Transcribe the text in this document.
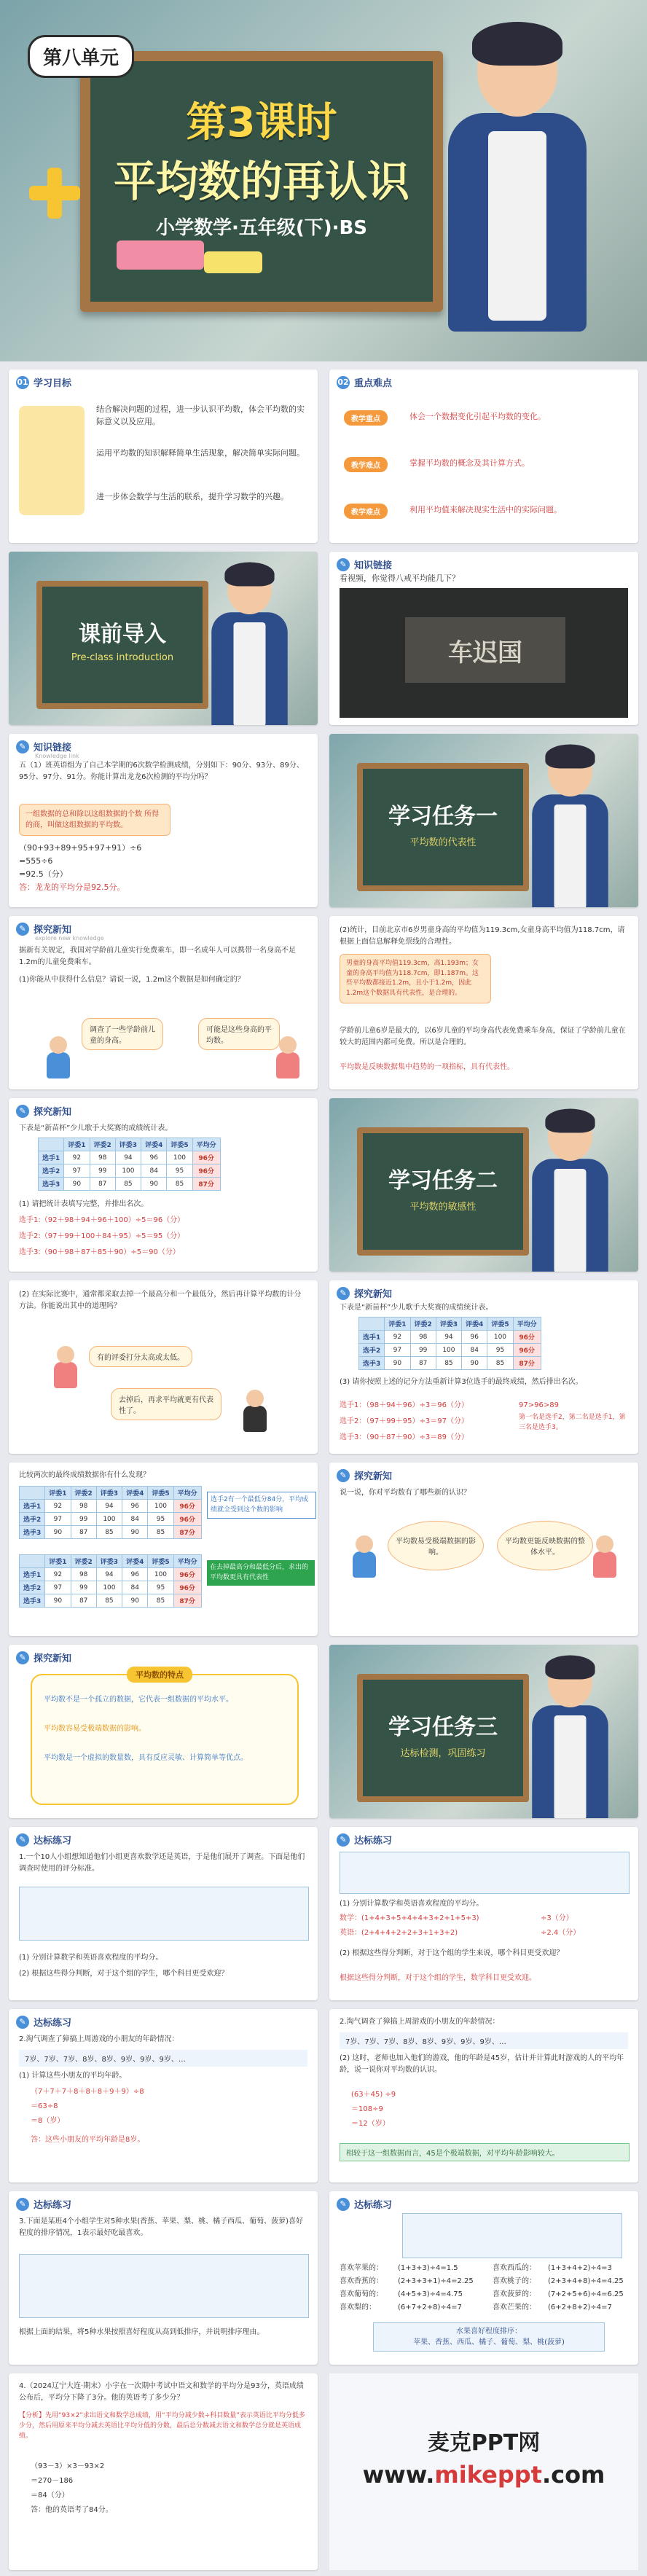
第3课时
平均数的再认识
小学数学·五年级(下)·BS
第八单元
01 学习目标
结合解决问题的过程，进一步认识平均数，体会平均数的实际意义以及应用。
运用平均数的知识解释简单生活现象，解决简单实际问题。
进一步体会数学与生活的联系，提升学习数学的兴趣。
02 重点难点
教学重点	体会一个数据变化引起平均数的变化。
教学难点	掌握平均数的概念及其计算方式。
教学难点	利用平均值来解决现实生活中的实际问题。
课前导入
Pre-class introduction
✎ 知识链接
看视频，你觉得八戒平均能几下？
车迟国
✎ 知识链接
Knowledge link
五（1）班英语组为了自己本学期的6次数学检测成绩，分别如下：90分、93分、89分、95分、97分、91分。你能计算出龙龙6次检测的平均分吗？
一组数据的总和除以这组数据的个数 所得的商，叫做这组数据的平均数。
（90+93+89+95+97+91）÷6
=555÷6
=92.5（分）
答：龙龙的平均分是92.5分。
学习任务一
平均数的代表性
✎ 探究新知
explore new knowledge
据新有关规定，我国对学龄前儿童实行免费乘车，即一名成年人可以携带一名身高不足1.2m的儿童免费乘车。
(1)你能从中获得什么信息？请说一说，1.2m这个数据是如何确定的？
调查了一些学龄前儿童的身高。
可能是这些身高的平均数。
(2)统计，目前北京市6岁男童身高的平均值为119.3cm,女童身高平均值为118.7cm，请根据上面信息解释免票线的合理性。
男童的身高平均值119.3cm，高1.193m；女童的身高平均值为118.7cm，即1.187m。这些平均数都接近1.2m，且小于1.2m，因此1.2m这个数据具有代表性，是合理的。
学龄前儿童6岁是最大的，以6岁儿童的平均身高代表免费乘车身高，保证了学龄前儿童在较大的范围内都可免费。所以是合理的。
平均数是反映数据集中趋势的一项指标，具有代表性。
✎ 探究新知
下表是“新苗杯”少儿歌手大奖赛的成绩统计表。
	评委1	评委2	评委3	评委4	评委5	平均分
选手1	92	98	94	96	100	96分
选手2	97	99	100	84	95	96分
选手3	90	87	85	90	85	87分
(1) 请把统计表填写完整，并排出名次。
选手1:（92＋98＋94＋96＋100）÷5＝96（分）
选手2:（97＋99＋100＋84＋95）÷5＝95（分）
选手3:（90＋98＋87＋85＋90）÷5＝90（分）
学习任务二
平均数的敏感性
(2) 在实际比赛中，通常都采取去掉一个最高分和一个最低分，然后再计算平均数的计分方法。你能说出其中的道理吗？
有的评委打分太高或太低。
去掉后，再求平均就更有代表性了。
✎ 探究新知
下表是“新苗杯”少儿歌手大奖赛的成绩统计表。
	评委1	评委2	评委3	评委4	评委5	平均分
选手1	92	98	94	96	100	96分
选手2	97	99	100	84	95	96分
选手3	90	87	85	90	85	87分
(3) 请你按照上述的记分方法重新计算3位选手的最终成绩，然后排出名次。
选手1：（98＋94＋96）÷3＝96（分）	97>96>89
选手2：（97＋99＋95）÷3＝97（分）	第一名是选手2，第二名是选手1，第三名是选手3。
选手3：（90＋87＋90）÷3＝89（分）
比较两次的最终成绩数据你有什么发现？
	评委1	评委2	评委3	评委4	评委5	平均分
选手1	92	98	94	96	100	96分
选手2	97	99	100	84	95	96分
选手3	90	87	85	90	85	87分
	评委1	评委2	评委3	评委4	评委5	平均分
选手1	92	98	94	96	100	96分
选手2	97	99	100	84	95	96分
选手3	90	87	85	90	85	87分
选手2有一个最低分84分，平均成绩就全受到这个数的影响
在去掉最高分和最低分后，求出的平均数更具有代表性
✎ 探究新知
说一说，你对平均数有了哪些新的认识？
平均数易受极端数据的影响。
平均数更能反映数据的整体水平。
✎ 探究新知
平均数的特点
平均数不是一个孤立的数据，它代表一组数据的平均水平。
平均数容易受极端数据的影响。
平均数是一个虚拟的数量数，具有反应灵敏、计算简单等优点。
学习任务三
达标检测，巩固练习
✎ 达标练习
1.一个10人小组想知道他们小组更喜欢数学还是英语，于是他们展开了调查。下面是他们调查时使用的评分标准。
(1) 分别计算数学和英语喜欢程度的平均分。
(2) 根据这些得分判断，对于这个组的学生，哪个科目更受欢迎？
✎ 达标练习
(1) 分别计算数学和英语喜欢程度的平均分。
数学：(1+4+3+5+4+4+3+2+1+5+3)	÷3（分）
英语：(2+4+4+2+2+3+1+3+2)	÷2.4（分）
(2) 根据这些得分判断，对于这个组的学生来说，哪个科目更受欢迎？
根据这些得分判断，对于这个组的学生，数学科目更受欢迎。
✎ 达标练习
2.淘气调查了獐搞上周游戏的小朋友的年龄情况：
7岁、7岁、7岁、8岁、8岁、9岁、9岁、9岁、…
(1) 计算这些小朋友的平均年龄。
（7＋7＋7＋8＋8＋8＋9＋9）÷8
＝63÷8
＝8（岁）
答：这些小朋友的平均年龄是8岁。
2.淘气调查了獐搞上周游戏的小朋友的年龄情况：
7岁、7岁、7岁、8岁、8岁、9岁、9岁、9岁、…
(2) 这时，老师也加入他们的游戏，他的年龄是45岁，估计并计算此时游戏的人的平均年龄，说一说你对平均数的认识。
(63＋45) ÷9
＝108÷9
＝12（岁）
相较于这一组数据而言，45是个极端数据，对平均年龄影响较大。
✎ 达标练习
3.下面是某班4个小组学生对5种水果(香蕉、苹果、梨、桃、橘子西瓜、葡萄、菠萝)喜好程度的排序情况，1表示最好吃最喜欢。
根据上面的结果，将5种水果按照喜好程度从高到低排序，并说明排序理由。
✎ 达标练习
喜欢苹果的： (1+3+3)÷4=1.5	喜欢西瓜的： (1+3+4+2)÷4=3
喜欢香蕉的： (2+3+3+1)÷4=2.25	喜欢桃子的： (2+3+4+8)÷4=4.25
喜欢葡萄的： (4+5+3)÷4=4.75	喜欢菠萝的： (7+2+5+6)÷4=6.25
喜欢梨的：	(6+7+2+8)÷4=7	喜欢芒果的： (6+2+8+2)÷4=7
水果喜好程度排序：
苹果、香蕉、西瓜、橘子、葡萄、梨、桃(菠萝)
4.（2024辽宁大连·期末）小宇在一次期中考试中语文和数学的平均分是93分，英语成绩公布后，平均分下降了3分。他的英语考了多少分？
【分析】先用“93×2”求出语文和数学总成绩，用“平均分减少数÷科目数量”表示英语比平均分低多少分，然后用原来平均分减去英语比平均分低的分数，最后总分数减去语文和数学总分就是英语成绩。
（93－3）×3－93×2
＝270－186
＝84（分）
答：他的英语考了84分。
麦克PPT网
www.mikeppt.com
